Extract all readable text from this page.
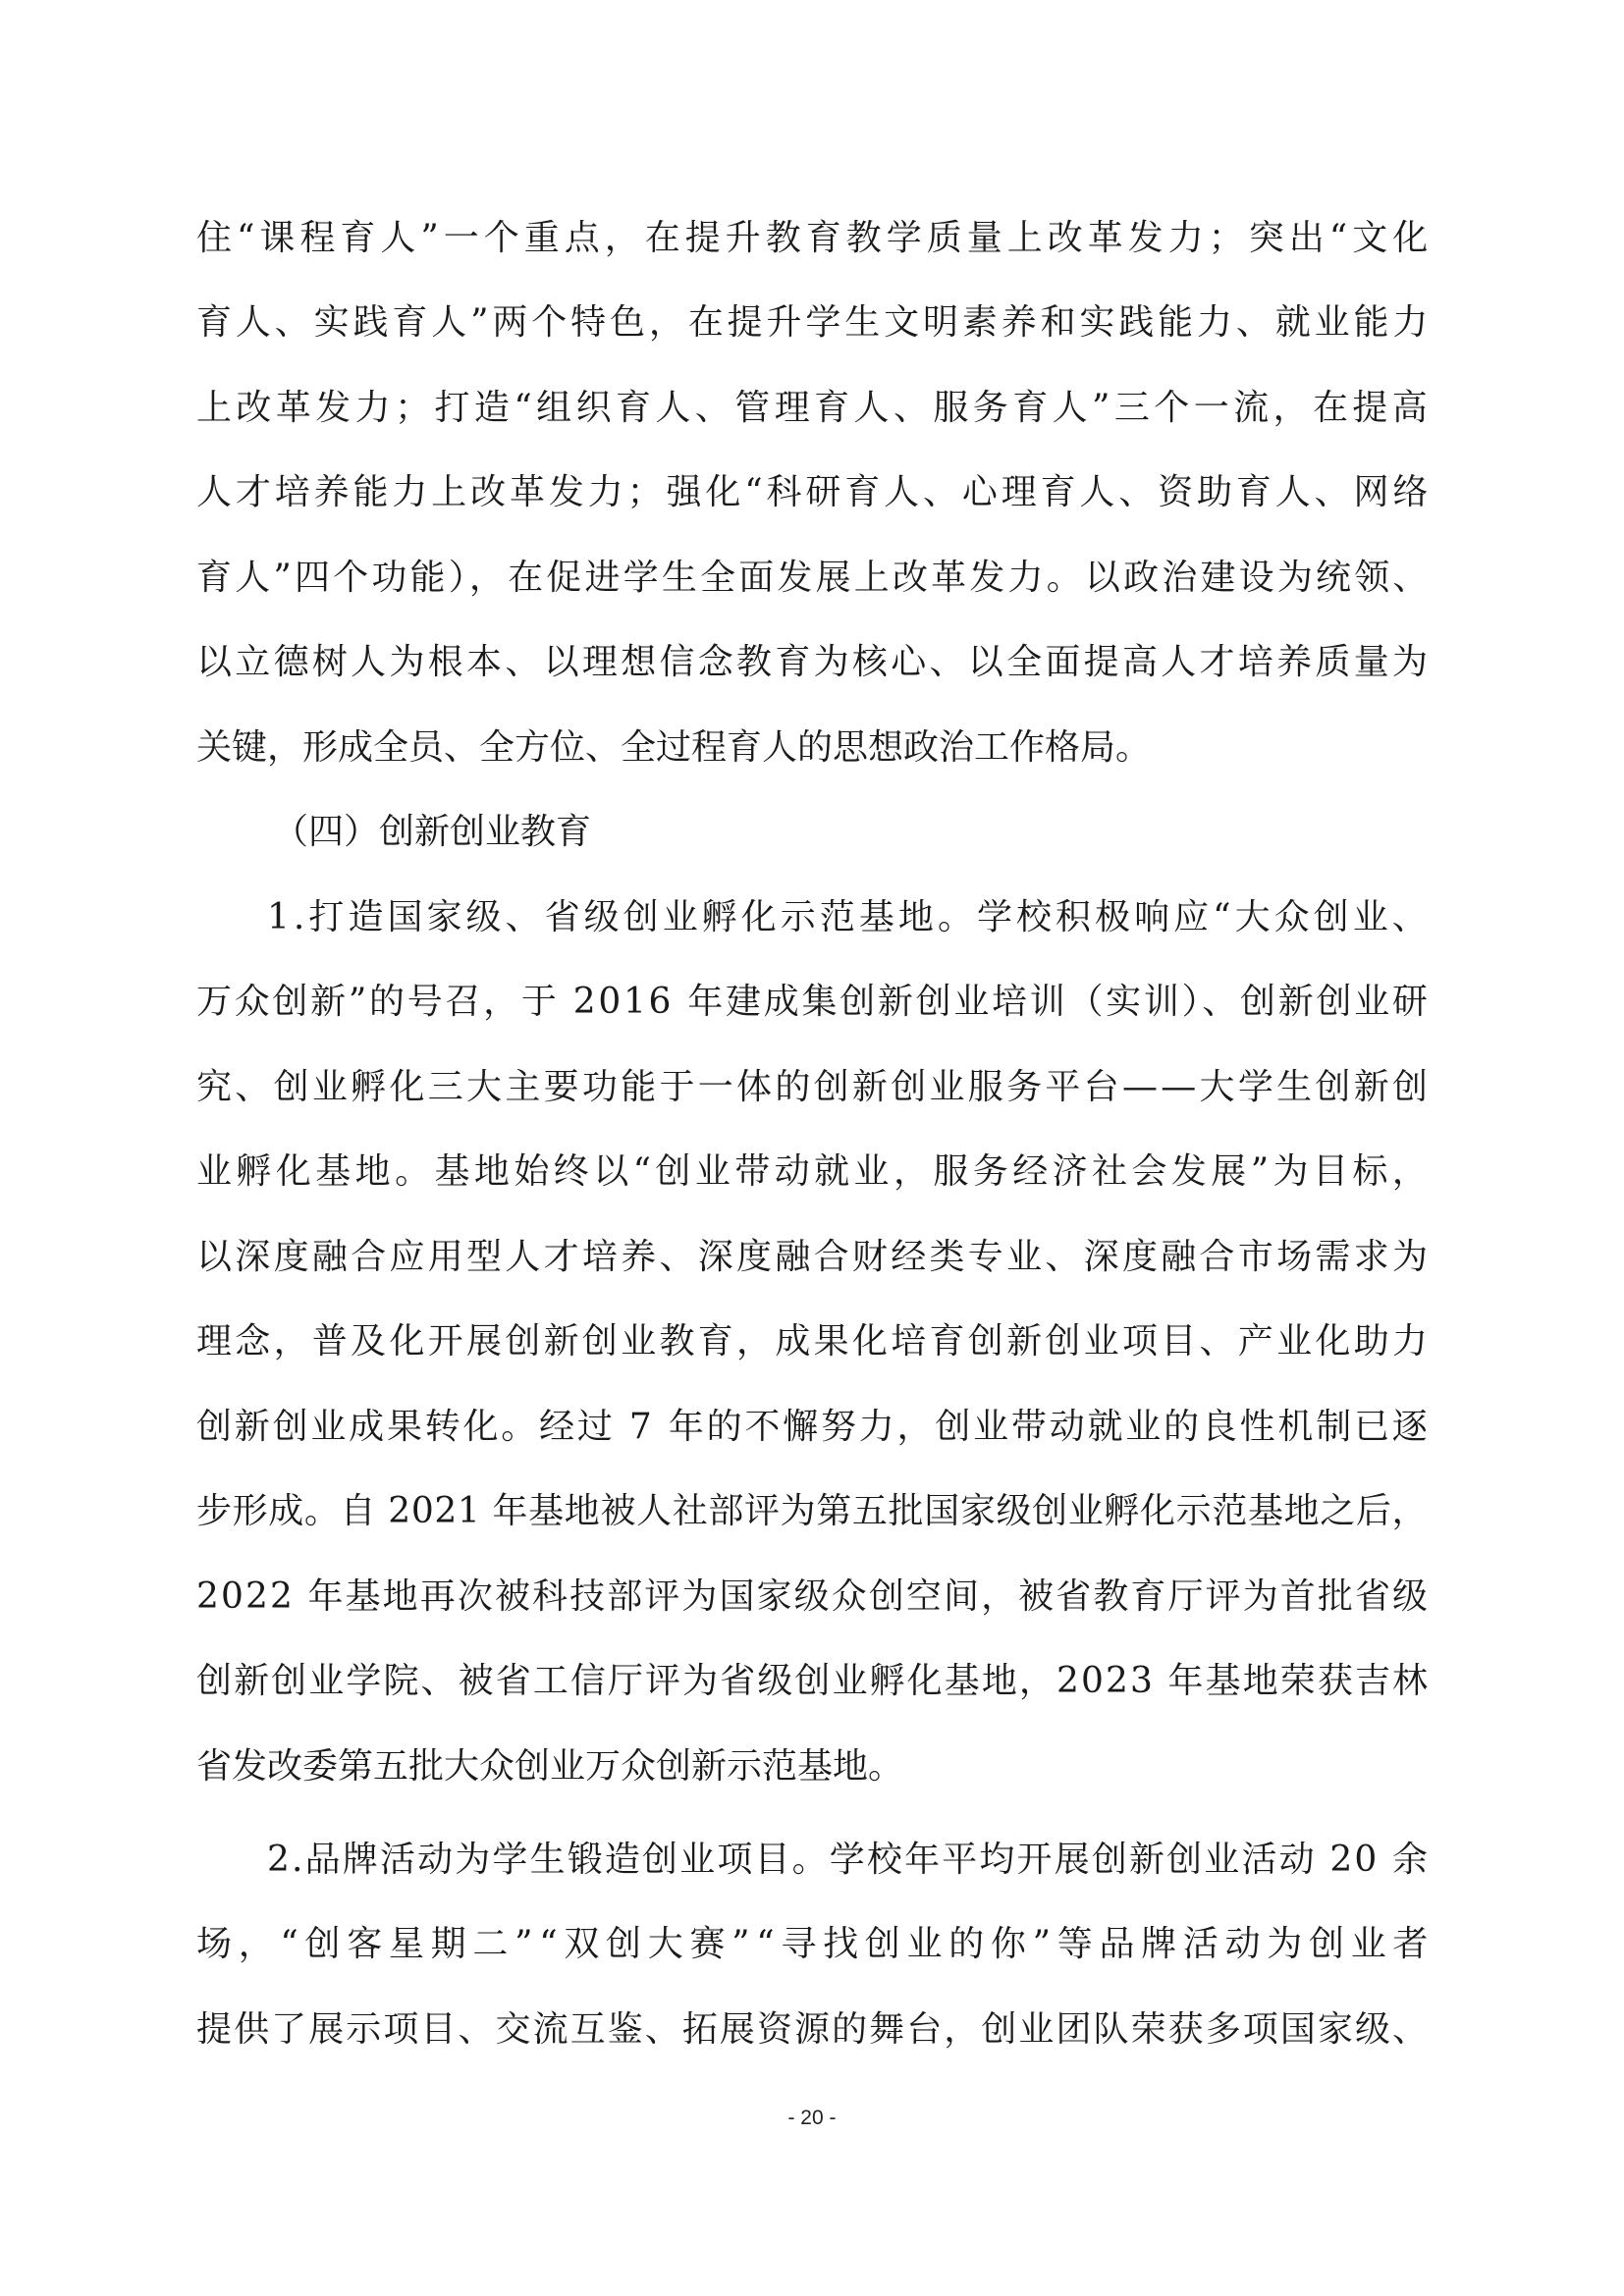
住“课程育人”一个重点，在提升教育教学质量上改革发力；突出“文化
育人、实践育人”两个特色，在提升学生文明素养和实践能力、就业能力
上改革发力；打造“组织育人、管理育人、服务育人”三个一流，在提高
人才培养能力上改革发力；强化“科研育人、心理育人、资助育人、网络
育人”四个功能），在促进学生全面发展上改革发力。以政治建设为统领、
以立德树人为根本、以理想信念教育为核心、以全面提高人才培养质量为
关键，形成全员、全方位、全过程育人的思想政治工作格局。
（四）创新创业教育
1.打造国家级、省级创业孵化示范基地。学校积极响应“大众创业、
万众创新”的号召，于 2016 年建成集创新创业培训（实训）、创新创业研
究、创业孵化三大主要功能于一体的创新创业服务平台——大学生创新创
业孵化基地。基地始终以“创业带动就业，服务经济社会发展”为目标，
以深度融合应用型人才培养、深度融合财经类专业、深度融合市场需求为
理念，普及化开展创新创业教育，成果化培育创新创业项目、产业化助力
创新创业成果转化。经过 7 年的不懈努力，创业带动就业的良性机制已逐
步形成。自 2021 年基地被人社部评为第五批国家级创业孵化示范基地之后，
2022 年基地再次被科技部评为国家级众创空间，被省教育厅评为首批省级
创新创业学院、被省工信厅评为省级创业孵化基地，2023 年基地荣获吉林
省发改委第五批大众创业万众创新示范基地。
2.品牌活动为学生锻造创业项目。学校年平均开展创新创业活动 20 余
场，“创客星期二”“双创大赛”“寻找创业的你”等品牌活动为创业者
提供了展示项目、交流互鉴、拓展资源的舞台，创业团队荣获多项国家级、
- 20 -
